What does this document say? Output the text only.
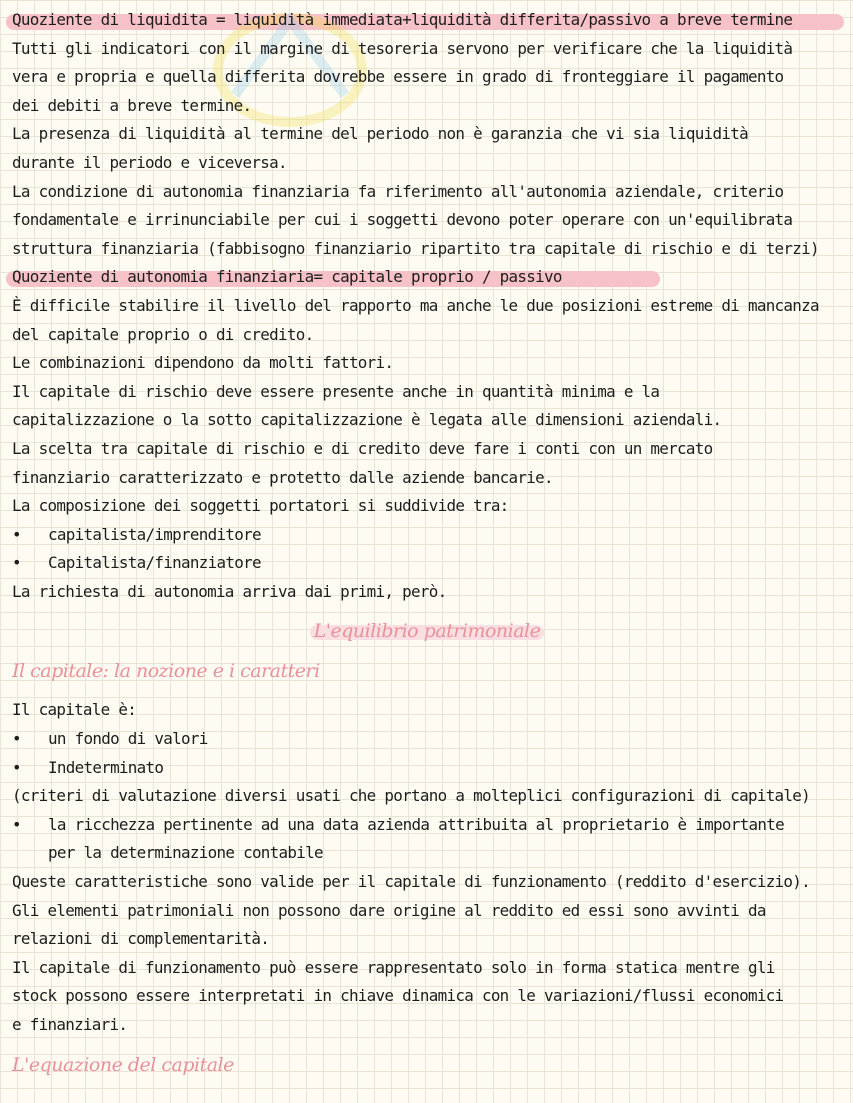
Quoziente di liquidita = liquidità immediata+liquidità differita/passivo a breve termine
Tutti gli indicatori con il margine di tesoreria servono per verificare che la liquidità
vera e propria e quella differita dovrebbe essere in grado di fronteggiare il pagamento
dei debiti a breve termine.
La presenza di liquidità al termine del periodo non è garanzia che vi sia liquidità
durante il periodo e viceversa.
La condizione di autonomia finanziaria fa riferimento all'autonomia aziendale, criterio
fondamentale e irrinunciabile per cui i soggetti devono poter operare con un'equilibrata
struttura finanziaria (fabbisogno finanziario ripartito tra capitale di rischio e di terzi)
Quoziente di autonomia finanziaria= capitale proprio / passivo
È difficile stabilire il livello del rapporto ma anche le due posizioni estreme di mancanza
del capitale proprio o di credito.
Le combinazioni dipendono da molti fattori.
Il capitale di rischio deve essere presente anche in quantità minima e la
capitalizzazione o la sotto capitalizzazione è legata alle dimensioni aziendali.
La scelta tra capitale di rischio e di credito deve fare i conti con un mercato
finanziario caratterizzato e protetto dalle aziende bancarie.
La composizione dei soggetti portatori si suddivide tra:
•	capitalista/imprenditore
•	Capitalista/finanziatore
La richiesta di autonomia arriva dai primi, però.
L'equilibrio patrimoniale
Il capitale: la nozione e i caratteri
Il capitale è:
•	un fondo di valori
•	Indeterminato
(criteri di valutazione diversi usati che portano a molteplici configurazioni di capitale)
•	la ricchezza pertinente ad una data azienda attribuita al proprietario è importante
per la determinazione contabile
Queste caratteristiche sono valide per il capitale di funzionamento (reddito d'esercizio).
Gli elementi patrimoniali non possono dare origine al reddito ed essi sono avvinti da
relazioni di complementarità.
Il capitale di funzionamento può essere rappresentato solo in forma statica mentre gli
stock possono essere interpretati in chiave dinamica con le variazioni/flussi economici
e finanziari.
L'equazione del capitale
